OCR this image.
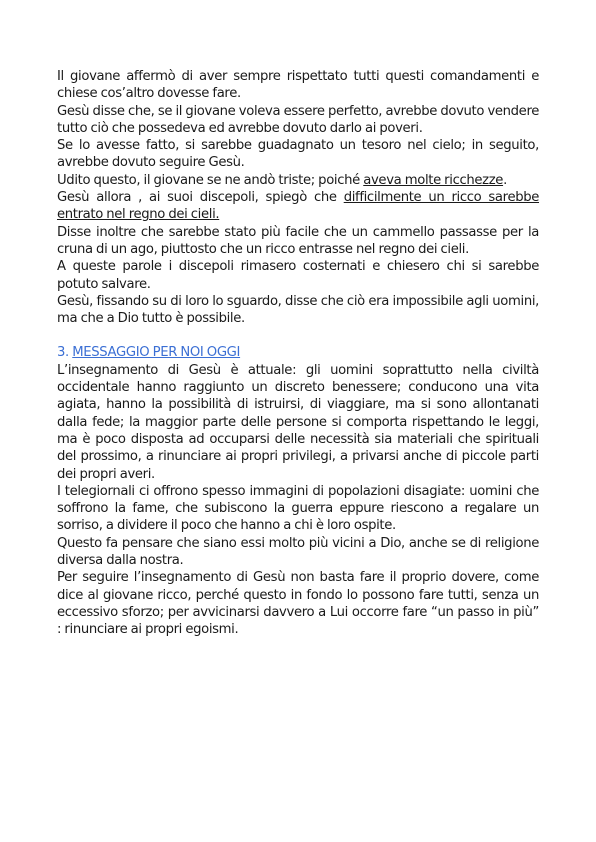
Il giovane affermò di aver sempre rispettato tutti questi comandamenti e chiese cos’altro dovesse fare.

Gesù disse che, se il giovane voleva essere perfetto, avrebbe dovuto vendere tutto ciò che possedeva ed avrebbe dovuto darlo ai poveri.

Se lo avesse fatto, si sarebbe guadagnato un tesoro nel cielo; in seguito, avrebbe dovuto seguire Gesù.

Udito questo, il giovane se ne andò triste; poiché aveva molte ricchezze.

Gesù allora , ai suoi discepoli, spiegò che difficilmente un ricco sarebbe entrato nel regno dei cieli.

Disse inoltre che sarebbe stato più facile che un cammello passasse per la cruna di un ago, piuttosto che un ricco entrasse nel regno dei cieli.

A queste parole i discepoli rimasero costernati e chiesero chi si sarebbe potuto salvare.

Gesù, fissando su di loro lo sguardo, disse che ciò era impossibile agli uomini, ma che a Dio tutto è possibile.

3. MESSAGGIO PER NOI OGGI

L’insegnamento di Gesù è attuale: gli uomini soprattutto nella civiltà occidentale hanno raggiunto un discreto benessere; conducono una vita agiata, hanno la possibilità di istruirsi, di viaggiare, ma si sono allontanati dalla fede; la maggior parte delle persone si comporta rispettando le leggi, ma è poco disposta ad occuparsi delle necessità sia materiali che spirituali del prossimo, a rinunciare ai propri privilegi, a privarsi anche di piccole parti dei propri averi.

I telegiornali ci offrono spesso immagini di popolazioni disagiate: uomini che soffrono la fame, che subiscono la guerra eppure riescono a regalare un sorriso, a dividere il poco che hanno a chi è loro ospite.

Questo fa pensare che siano essi molto più vicini a Dio, anche se di religione diversa dalla nostra.

Per seguire l’insegnamento di Gesù non basta fare il proprio dovere, come dice al giovane ricco, perché questo in fondo lo possono fare tutti, senza un eccessivo sforzo; per avvicinarsi davvero a Lui occorre fare “un passo in più” : rinunciare ai propri egoismi.
